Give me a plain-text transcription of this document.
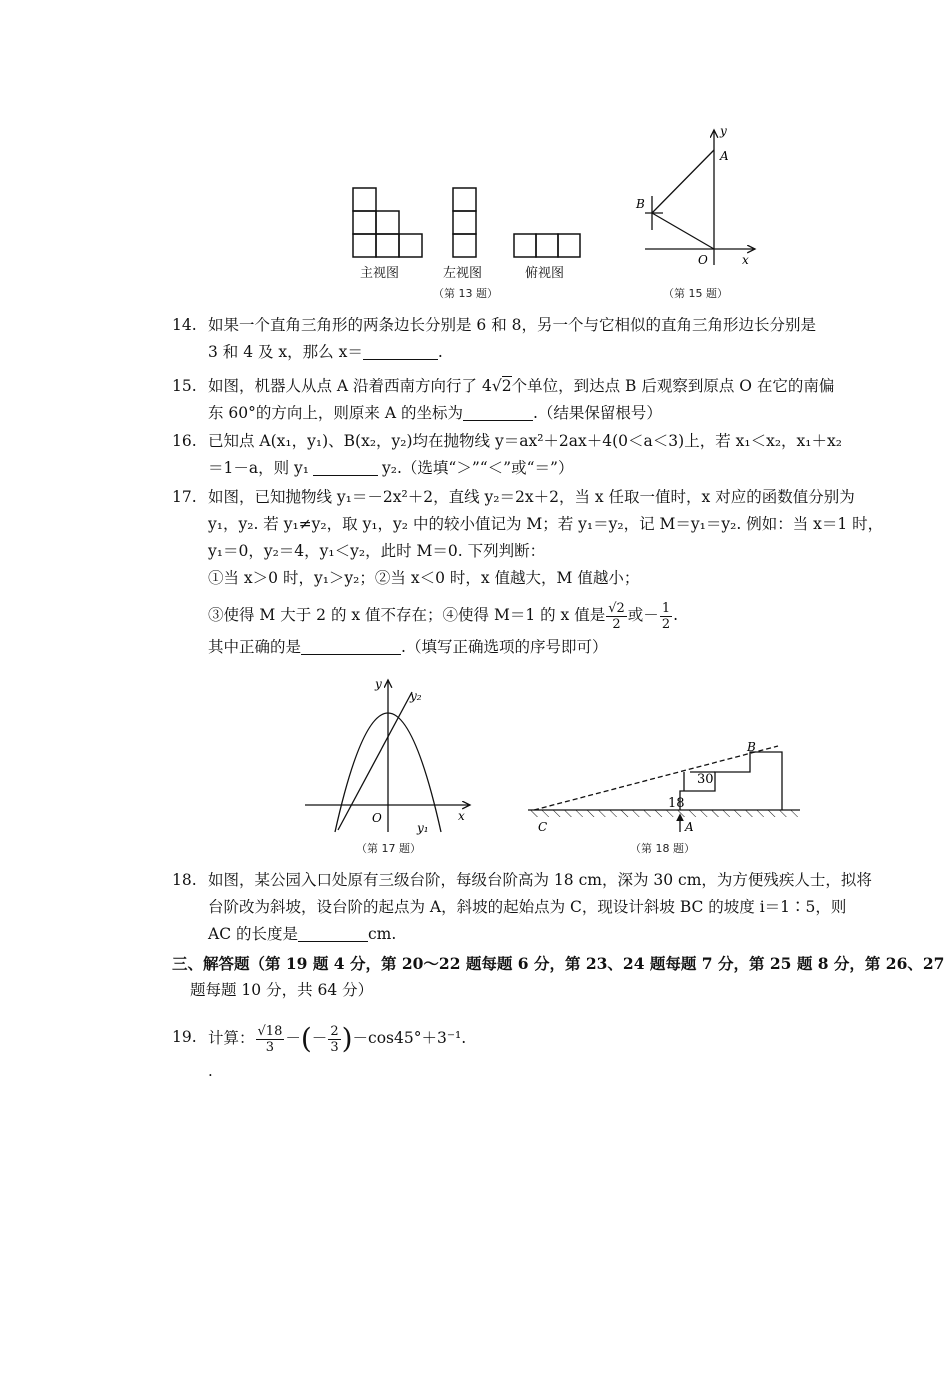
主视图	左视图	俯视图
（第 13 题）
y
A
B
O	x
（第 15 题）
14. 如果一个直角三角形的两条边长分别是 6 和 8，另一个与它相似的直角三角形边长分别是
3 和 4 及 x，那么 x＝	.
15. 如图，机器人从点 A 沿着西南方向行了 4√2个单位，到达点 B 后观察到原点 O 在它的南偏
东 60°的方向上，则原来 A 的坐标为	.（结果保留根号）
16. 已知点 A(x₁，y₁)、B(x₂，y₂)均在抛物线 y＝ax²＋2ax＋4(0＜a＜3)上，若 x₁＜x₂，x₁＋x₂
＝1－a，则 y₁	y₂.（选填“＞”“＜”或“＝”）
17. 如图，已知抛物线 y₁＝－2x²＋2，直线 y₂＝2x＋2，当 x 任取一值时，x 对应的函数值分别为
y₁，y₂. 若 y₁≠y₂，取 y₁，y₂ 中的较小值记为 M；若 y₁＝y₂，记 M＝y₁＝y₂. 例如：当 x＝1 时，
y₁＝0，y₂＝4，y₁＜y₂，此时 M＝0. 下列判断：
①当 x＞0 时，y₁＞y₂；②当 x＜0 时，x 值越大，M 值越小；
③使得 M 大于 2 的 x 值不存在；④使得 M＝1 的 x 值是 $\frac{√2}{2}$ 或－ $\frac{1}{2}$ .
其中正确的是	.（填写正确选项的序号即可）
y
y₂
x
O
y₁
（第 17 题）
30
18
B
C	A
（第 18 题）
18. 如图，某公园入口处原有三级台阶，每级台阶高为 18 cm，深为 30 cm，为方便残疾人士，拟将
台阶改为斜坡，设台阶的起点为 A，斜坡的起始点为 C，现设计斜坡 BC 的坡度 i＝1∶5，则
AC 的长度是	cm.
三、解答题（第 19 题 4 分，第 20～22 题每题 6 分，第 23、24 题每题 7 分，第 25 题 8 分，第 26、27
题每题 10 分，共 64 分）
19. 计算： $\frac{√18}{3}$ －(－ $\frac{2}{3} )-\cos 45^\circ+3^{-1}$.
.
